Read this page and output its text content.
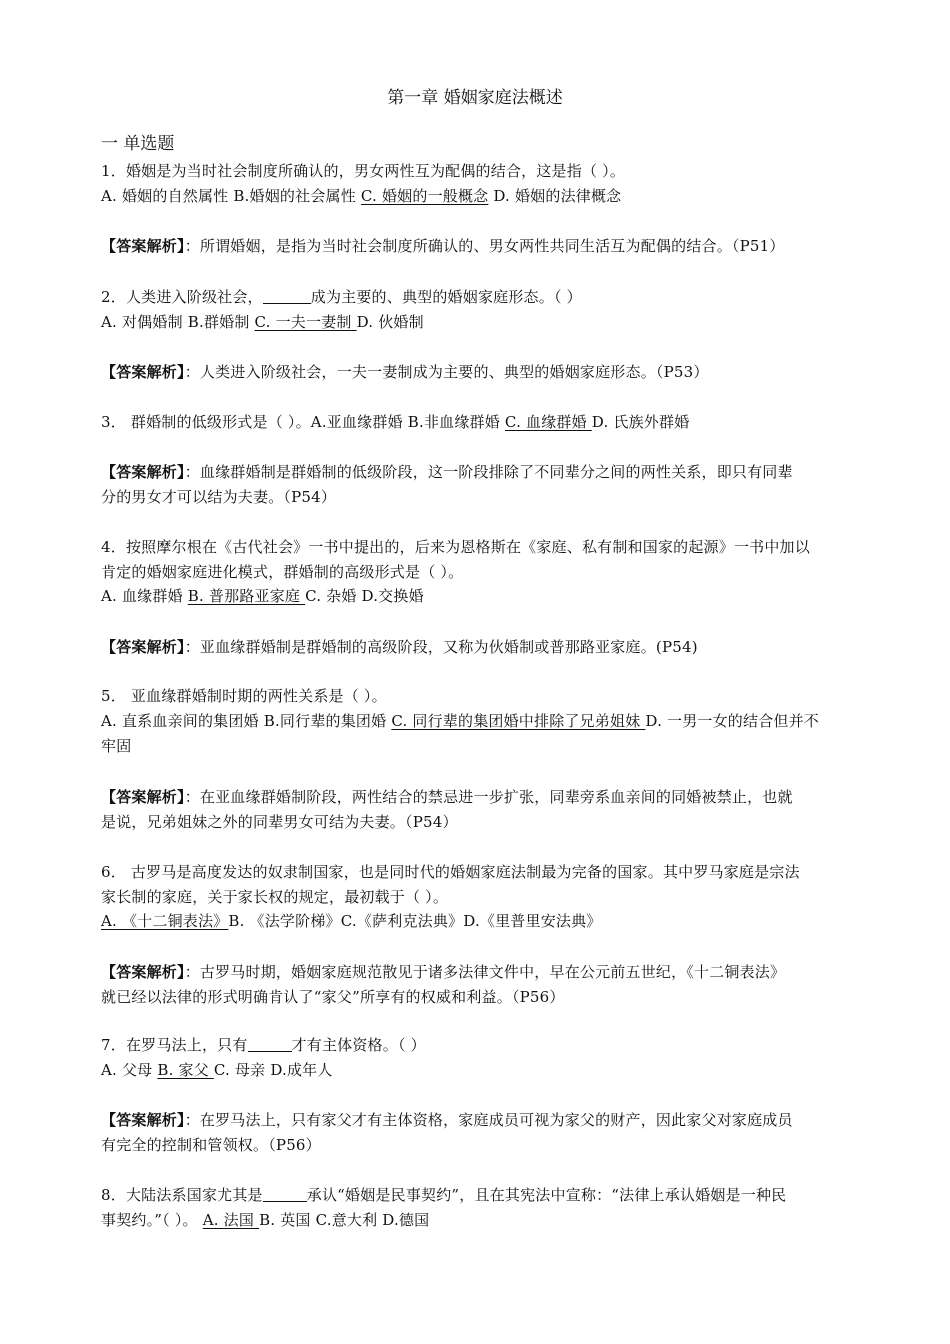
第一章 婚姻家庭法概述
一 单选题
1．婚姻是为当时社会制度所确认的，男女两性互为配偶的结合，这是指（ ）。
A. 婚姻的自然属性 B.婚姻的社会属性 C. 婚姻的一般概念 D. 婚姻的法律概念
【答案解析】：所谓婚姻，是指为当时社会制度所确认的、男女两性共同生活互为配偶的结合。（P51）
2．人类进入阶级社会，	成为主要的、典型的婚姻家庭形态。（ ）
A. 对偶婚制 B.群婚制 C. 一夫一妻制 D. 伙婚制
【答案解析】：人类进入阶级社会，一夫一妻制成为主要的、典型的婚姻家庭形态。（P53）
3． 群婚制的低级形式是（ ）。A.亚血缘群婚 B.非血缘群婚 C. 血缘群婚 D. 氏族外群婚
【答案解析】：血缘群婚制是群婚制的低级阶段，这一阶段排除了不同辈分之间的两性关系，即只有同辈
分的男女才可以结为夫妻。（P54）
4．按照摩尔根在《古代社会》一书中提出的，后来为恩格斯在《家庭、私有制和国家的起源》一书中加以
肯定的婚姻家庭进化模式，群婚制的高级形式是（ ）。
A. 血缘群婚 B. 普那路亚家庭 C. 杂婚 D.交换婚
【答案解析】：亚血缘群婚制是群婚制的高级阶段，又称为伙婚制或普那路亚家庭。(P54)
5． 亚血缘群婚制时期的两性关系是（ ）。
A. 直系血亲间的集团婚 B.同行辈的集团婚 C. 同行辈的集团婚中排除了兄弟姐妹 D. 一男一女的结合但并不
牢固
【答案解析】：在亚血缘群婚制阶段，两性结合的禁忌进一步扩张，同辈旁系血亲间的同婚被禁止，也就
是说，兄弟姐妹之外的同辈男女可结为夫妻。（P54）
6． 古罗马是高度发达的奴隶制国家，也是同时代的婚姻家庭法制最为完备的国家。其中罗马家庭是宗法
家长制的家庭，关于家长权的规定，最初载于（ ）。
A. 《十二铜表法》B. 《法学阶梯》C.《萨利克法典》D.《里普里安法典》
【答案解析】：古罗马时期，婚姻家庭规范散见于诸多法律文件中，早在公元前五世纪，《十二铜表法》
就已经以法律的形式明确肯认了“家父”所享有的权威和利益。（P56）
7．在罗马法上，只有	才有主体资格。（ ）
A. 父母 B. 家父 C. 母亲 D.成年人
【答案解析】：在罗马法上，只有家父才有主体资格，家庭成员可视为家父的财产，因此家父对家庭成员
有完全的控制和管领权。（P56）
8．大陆法系国家尤其是	承认“婚姻是民事契约”，且在其宪法中宣称：“法律上承认婚姻是一种民
事契约。”（ ）。 A. 法国 B. 英国 C.意大利 D.德国
